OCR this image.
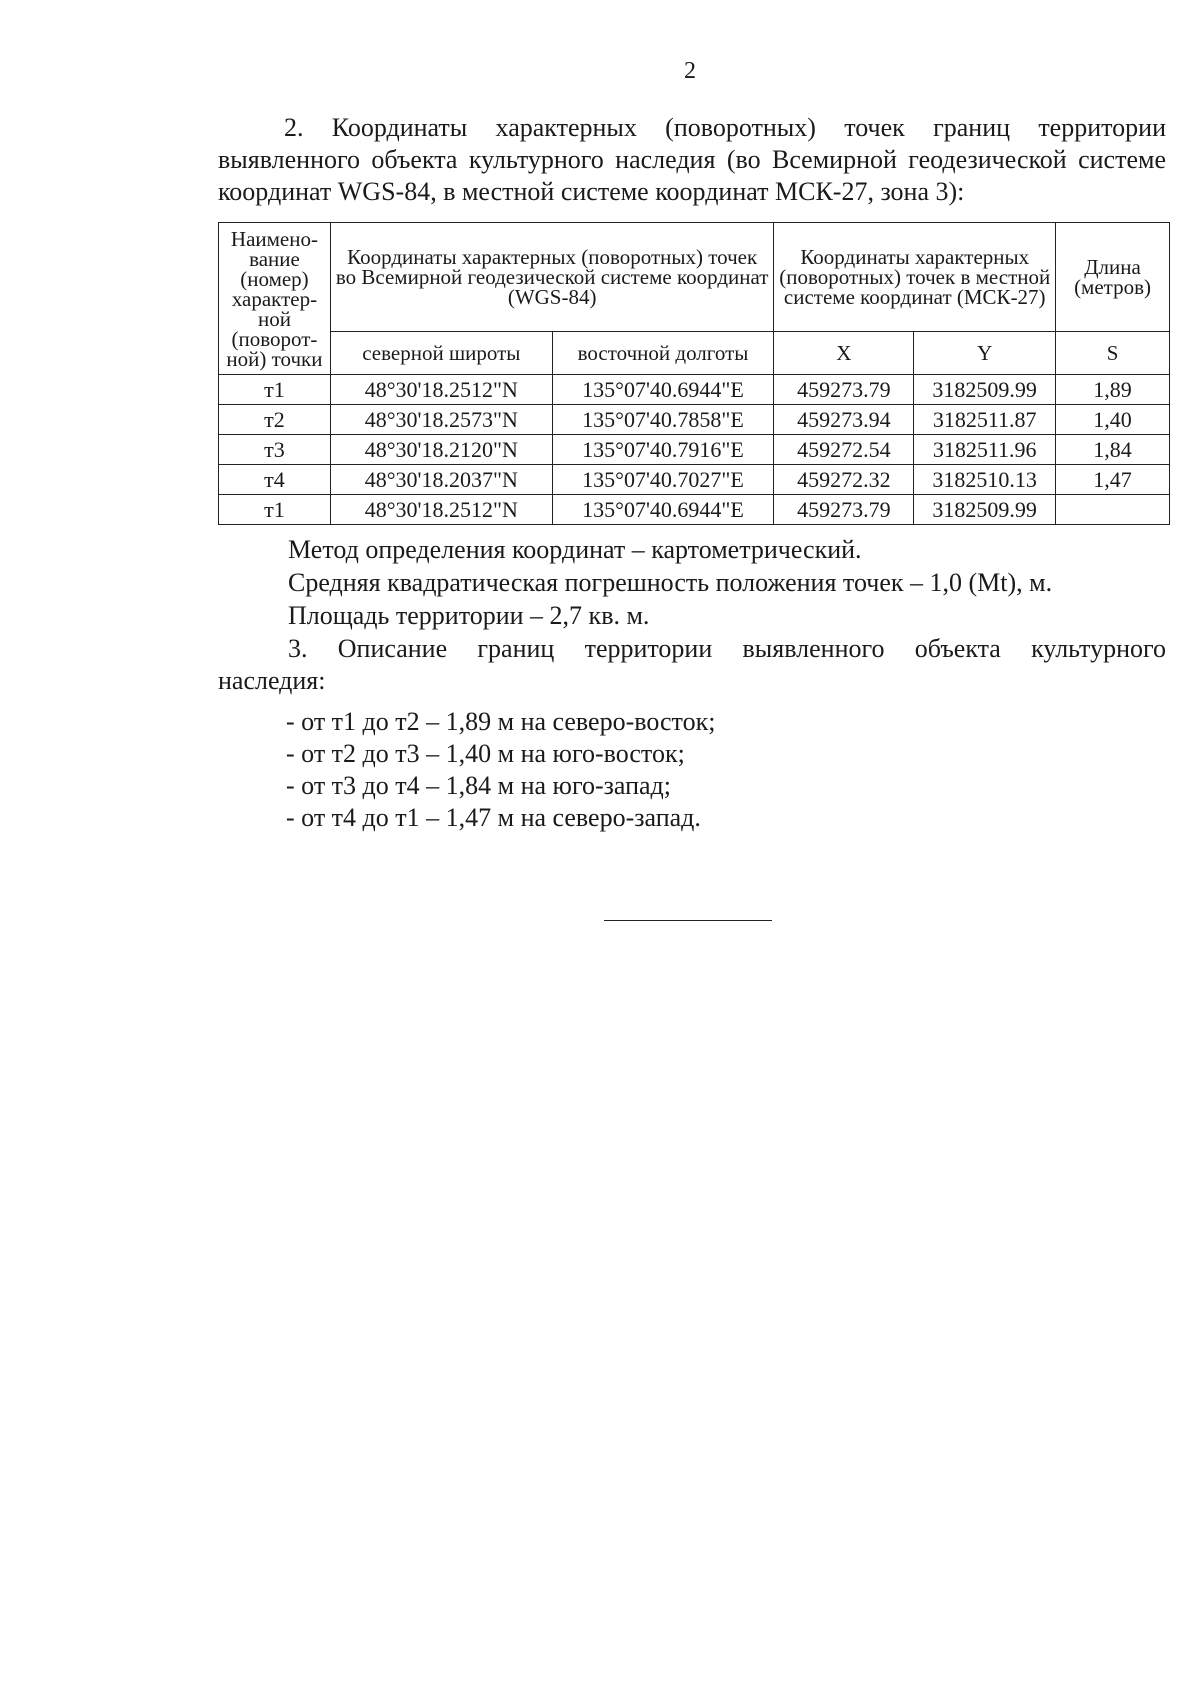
2
2. Координаты характерных (поворотных) точек границ территории выявленного объекта культурного наследия (во Всемирной геодезической системе координат WGS-84, в местной системе координат МСК-27, зона 3):
Наимено-вание (номер) характер-ной (поворот-ной) точки	Координаты характерных (поворотных) точек во Всемирной геодезической системе координат (WGS-84)		Координаты характерных (поворотных) точек в местной системе координат (МСК-27)		Длина (метров)
	северной широты	восточной долготы	X	Y	S
т1	48°30'18.2512"N	135°07'40.6944"E	459273.79	3182509.99	1,89
т2	48°30'18.2573"N	135°07'40.7858"E	459273.94	3182511.87	1,40
т3	48°30'18.2120"N	135°07'40.7916"E	459272.54	3182511.96	1,84
т4	48°30'18.2037"N	135°07'40.7027"E	459272.32	3182510.13	1,47
т1	48°30'18.2512"N	135°07'40.6944"E	459273.79	3182509.99	
Метод определения координат – картометрический.
Средняя квадратическая погрешность положения точек – 1,0 (Mt), м.
Площадь территории – 2,7 кв. м.
3. Описание границ территории выявленного объекта культурного наследия:
- от т1 до т2 – 1,89 м на северо-восток;
- от т2 до т3 – 1,40 м на юго-восток;
- от т3 до т4 – 1,84 м на юго-запад;
- от т4 до т1 – 1,47 м на северо-запад.
